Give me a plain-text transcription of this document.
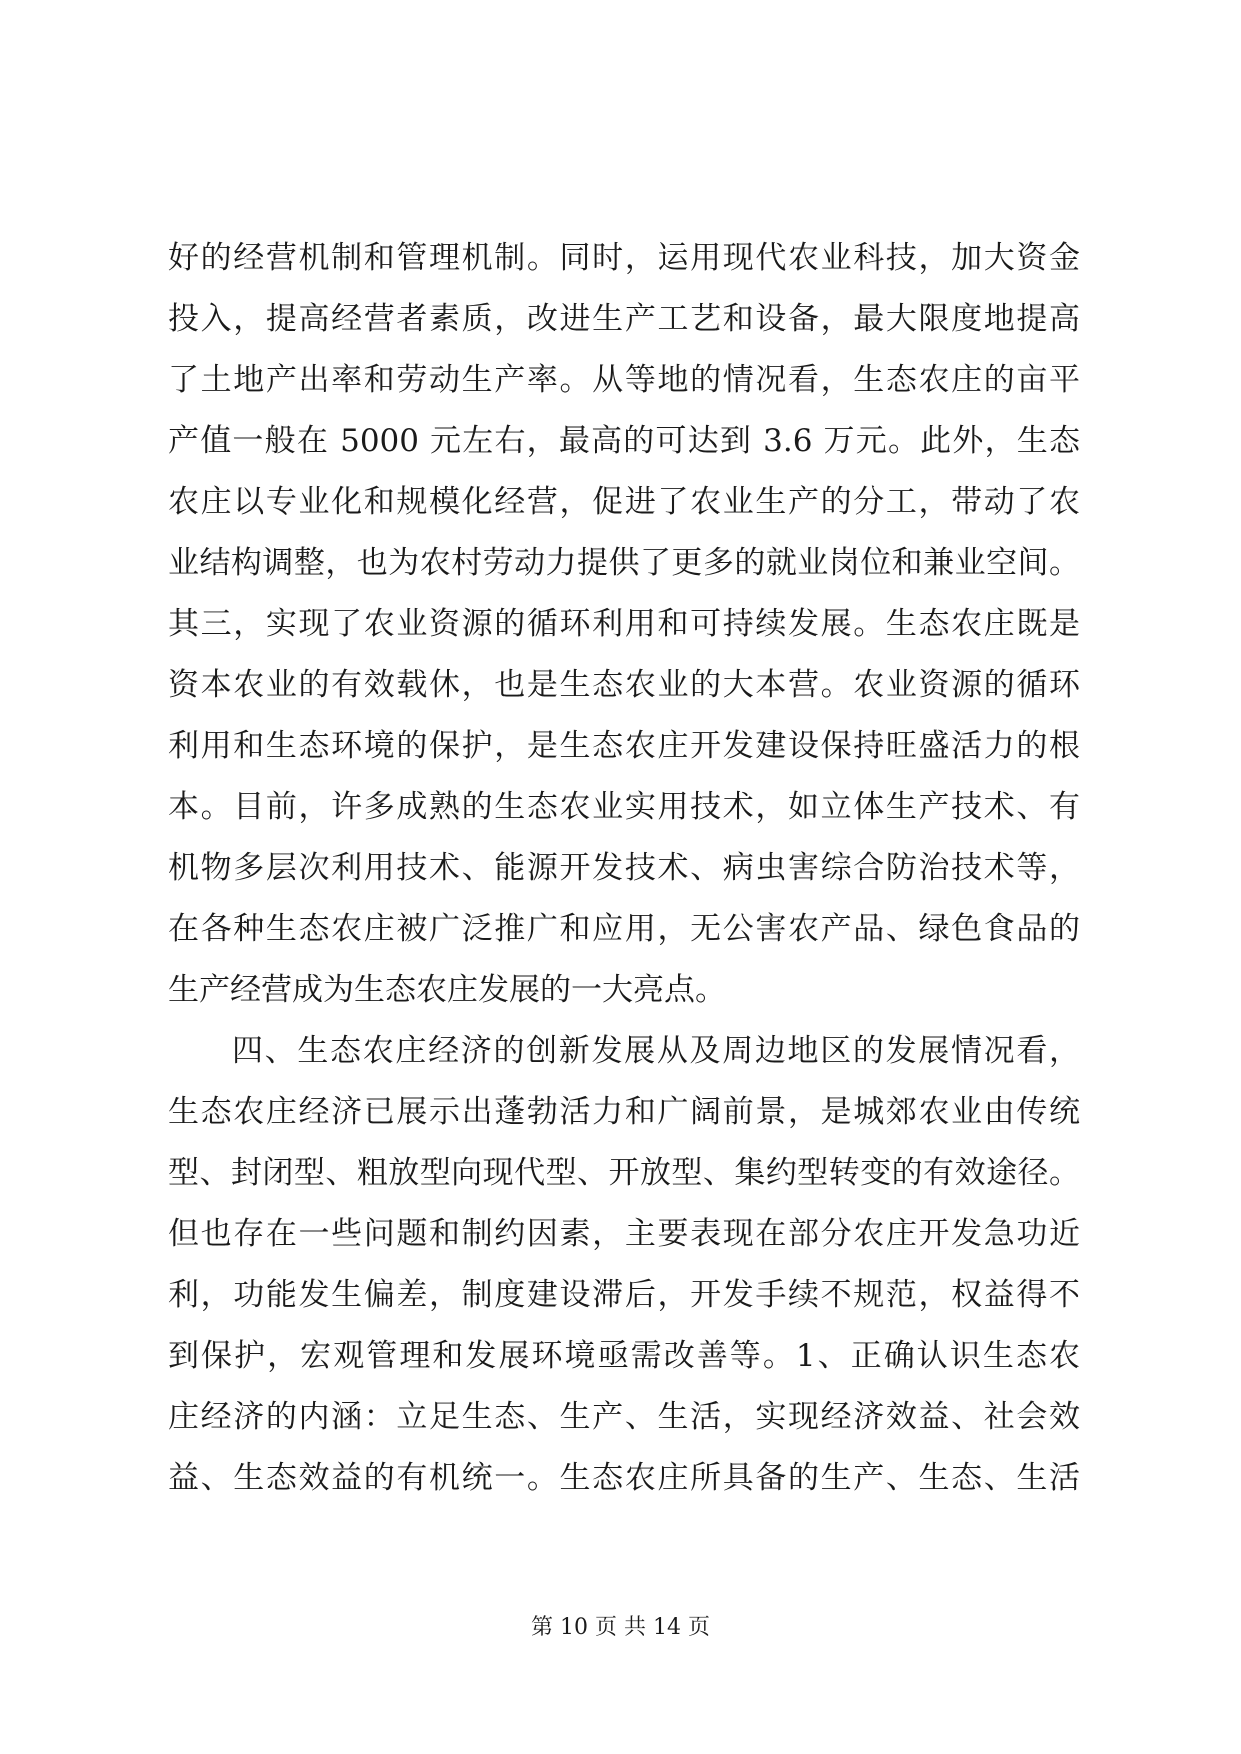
好的经营机制和管理机制。同时，运用现代农业科技，加大资金
投入，提高经营者素质，改进生产工艺和设备，最大限度地提高
了土地产出率和劳动生产率。从等地的情况看，生态农庄的亩平
产值一般在 5000 元左右，最高的可达到 3.6 万元。此外，生态
农庄以专业化和规模化经营，促进了农业生产的分工，带动了农
业结构调整，也为农村劳动力提供了更多的就业岗位和兼业空间。
其三，实现了农业资源的循环利用和可持续发展。生态农庄既是
资本农业的有效载休，也是生态农业的大本营。农业资源的循环
利用和生态环境的保护，是生态农庄开发建设保持旺盛活力的根
本。目前，许多成熟的生态农业实用技术，如立体生产技术、有
机物多层次利用技术、能源开发技术、病虫害综合防治技术等，
在各种生态农庄被广泛推广和应用，无公害农产品、绿色食品的
生产经营成为生态农庄发展的一大亮点。
四、生态农庄经济的创新发展从及周边地区的发展情况看，
生态农庄经济已展示出蓬勃活力和广阔前景，是城郊农业由传统
型、封闭型、粗放型向现代型、开放型、集约型转变的有效途径。
但也存在一些问题和制约因素，主要表现在部分农庄开发急功近
利，功能发生偏差，制度建设滞后，开发手续不规范，权益得不
到保护，宏观管理和发展环境亟需改善等。1、正确认识生态农
庄经济的内涵：立足生态、生产、生活，实现经济效益、社会效
益、生态效益的有机统一。生态农庄所具备的生产、生态、生活
第 10 页 共 14 页
